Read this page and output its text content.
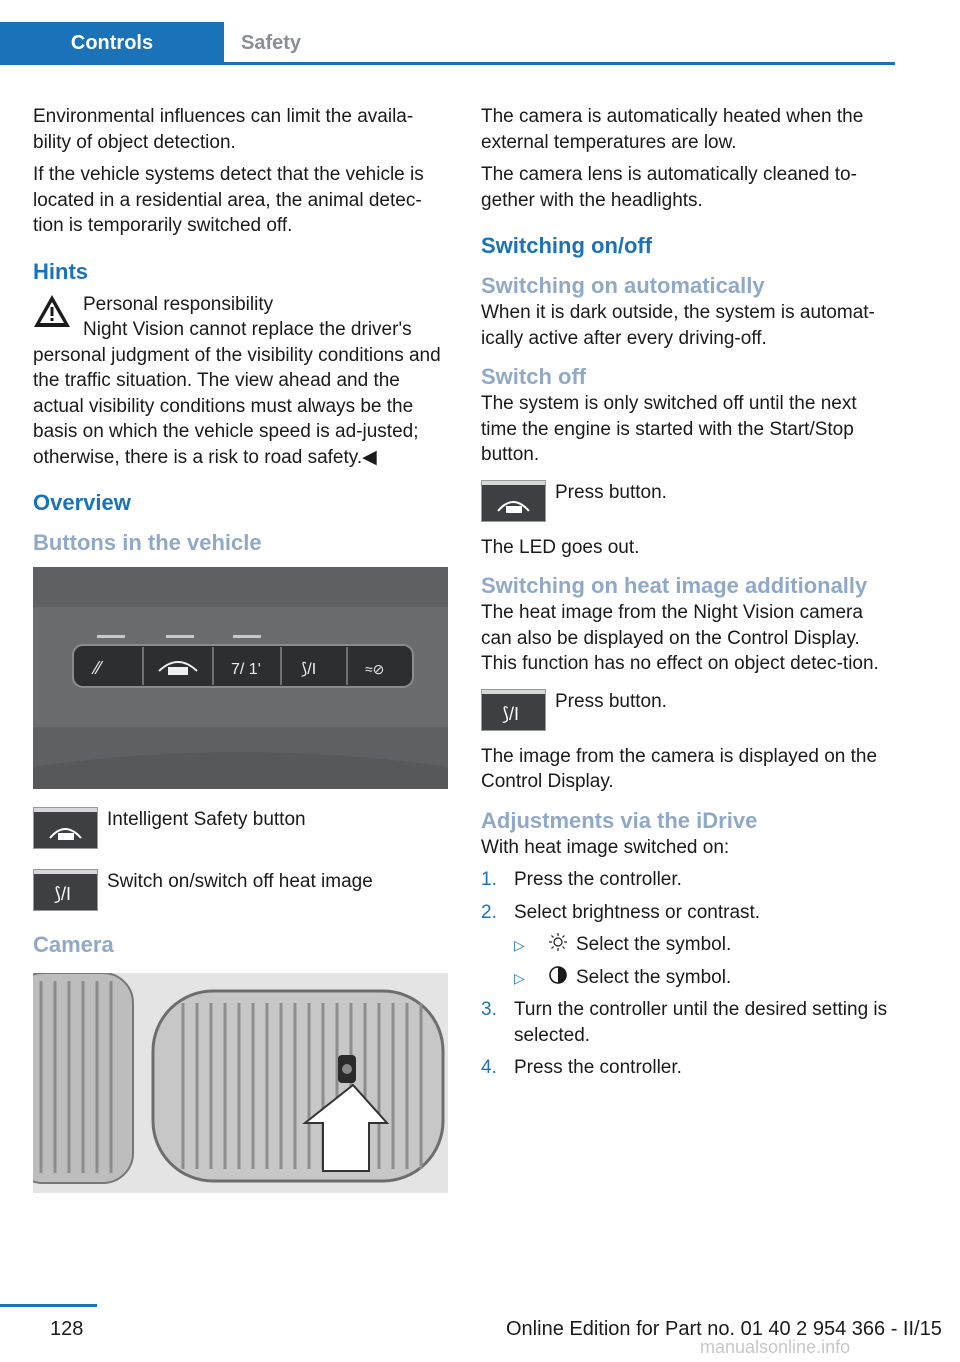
Controls	Safety

Environmental influences can limit the availa‐bility of object detection.

If the vehicle systems detect that the vehicle is located in a residential area, the animal detec‐tion is temporarily switched off.

Hints

Personal responsibility

Night Vision cannot replace the driver's personal judgment of the visibility conditions and the traffic situation. The view ahead and the actual visibility conditions must always be the basis on which the vehicle speed is ad‐justed; otherwise, there is a risk to road safety.◀

Overview
Buttons in the vehicle
⁄⁄	7/ 1'	⟆/I	≈⊘
Intelligent Safety button
⟆/I
Switch on/switch off heat image
Camera

The camera is automatically heated when the external temperatures are low.

The camera lens is automatically cleaned to‐gether with the headlights.

Switching on/off
Switching on automatically

When it is dark outside, the system is automat‐ically active after every driving-off.

Switch off

The system is only switched off until the next time the engine is started with the Start/Stop button.

Press button.

The LED goes out.

Switching on heat image additionally

The heat image from the Night Vision camera can also be displayed on the Control Display. This function has no effect on object detec‐tion.

⟆/I
Press button.

The image from the camera is displayed on the Control Display.

Adjustments via the iDrive

With heat image switched on:

1. Press the controller.
2. Select brightness or contrast.
▷	Select the symbol.
▷	Select the symbol.
3. Turn the controller until the desired setting is selected.
4. Press the controller.
128	Online Edition for Part no. 01 40 2 954 366 - II/15
manualsonline.info
